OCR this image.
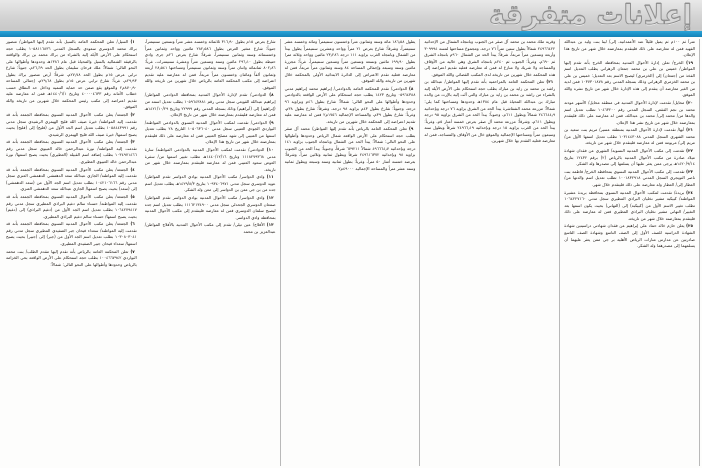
إعلانات متفرقة

١) السيل/ تعلن المحكمة العامة بالسيل بأنه تقدم إليها المواطن/ منصور براك محمد الدوسري سعودي بالسجل المدني ١٠٥٨١١٦٨٣٦ يطلب حجة استحكام على الأرض الأيلة إليه بالشراء من براك محمد بن براك والواقعة بالرقيقة الشمالية بالسيل والمحياة قبل عام ١٣٨٦هـ وحدودها وأطوالها على النحو التالي: شمالاً: ملك فرحان سليمان بطول الحد ٢٦٫٦٩م، جنوباً: شارع ترابي عرض ١٥م بطول الحد ٢٧٫٧٨م، شرقاً: أرض منصور براك بطول ٢٩٫٩٣م، غرباً: شارع ترابي عرض ١٥م بطول ٢٩٫٦٨م، إجمالي المساحة ٨٧٠٫٩٠م٢ والموقع يقع ضمن حد حماية التنمية وداخل حد النطاق حسب خطاب الأمانة رقم ٤٠٠٠٠٤٦٣٣ وتاريخ ١٤٤٠/٦/١هـ فمن له معارضة عليه تقديم اعتراضه إلى مكتب رئيس المحكمة خلال شهرين من تاريخه والله الموفق.

٢) الجمعة/ يعلن مكتب الأحوال المدنية النسوي بمحافظة الجمعة بأنه قد تقدمت إليه المواطنة/ خيرة ضيف الله فليح الهيمزي الرشيدي سجل مدني رقم ١٠٥٨٤٤٣٩٩١ بطلب تعديل اسم الجد الأول من (فليح) إلى (فليح) بحيث يصبح اسمها/ خيرة ضيف الله فليح الهيمزي الرشيدي.

٣) الجمعة/ يعلن مكتب الأحوال المدنية النسوي بمحافظة الجمعة بأنه قد تقدمت إليه المواطنة/ نورة عبدالرحمن خالد العبيوي سجل مدني رقم ١٠٣٤٩٧١٤٦٦ بطلب إضافة اسم القبيلة (العطيري) بحيث يصبح اسمها/ نورة عبدالرحمن خالد العبيوي العطيري.

٤) الجمعة/ يعلن مكتب الأحوال المدنية النسوي بمحافظة الجمعة بأنه قد تقدمت إليه المواطنة/ الجازي عبدالله سعد الدهمشي الدهمشي العنزي سجل مدني رقم ١٠٤٢١٠٦١٦٦ بطلب تعديل اسم الجد الأول من (سعد الدهمشي) إلى (سعد) بحيث يصبح اسمها/ الجازي عبدالله سعد الدهمشي العنزي.

٥) الجمعة/ يعلن مكتب الأحوال المدنية النسوي بمحافظة الجمعة بأنه قد تقدمت إليه المواطنة/ حسناء سالم دغيم البراذي المطيري سجل مدني رقم ١٠٦٤٢٧٩٤١٧ بطلب تعديل اسم الجد الأول من (دغيم البراذي) إلى (دغيم) بحيث يصبح اسمها/ حسناء سالم دغيم البراذي المطيري.

٦) الجمعة/ يعلن مكتب الأحوال المدنية النسوي بمحافظة الجمعة بأنه قد تقدمت إليه المواطنة/ سعداء فيحان جبر الضفيدي المطيري سجل مدني رقم ١٠٣٠٨٠٣٠٤١ بطلب تعديل اسم الجد الأول من (جبر) إلى (جبير) بحيث يصبح اسمها/ سعداء فيحان جبير الضفيدي المطيري.

٧) تعلن المحكمة العامة بالرياض بأنه تقدم إليها مقدم الطلب/ بنت محمد البواردي ١٠٠٤٦٦٧٩٤٢ بطلب حجة استحكام على الأرض الواقعة بحي الخزامة بالرياض وحدودها وأطوالها على النحو التالي: شمالاً:

شارع بعرض ١٥م بطول ٣١٦٫٩٠ ثلاثمائة وخمسة عشر متراً وتسعين سنتيمتراً، جنوباً: شارع متغير العرض بطول ٢٨٢٫٥٨٦ مائتين وواحد وثمانين متراً وخمسمائة وستة وثمانين سنتيمتراً، شرقاً: شارع بعرض ٢٦م جرى وادي حتيطة بطول ٢٩٦٫١٠ مائتين وستة وتسعين متراً وعشرة سنتيمترات، غرباً: ٨٠٢٫٨٦ ثمانمائة واثنان متراً وستة وثمانون سنتيمتراً ومساحتها ٢٨٫٥٤١ أربعة وثمانون ألفاً ومائتان وخمسون متراً مربعاً، فمن له معارضة عليه تقديم اعتراضه إلى مكتب المحكمة العامة بالرياض خلال شهرين من تاريخه والله الموفق.

٨) الدوادمي/ تقدم لإدارة الأحوال المدنية بمحافظة الدوادمي المواطن/ إبراهيم عبدالله القويعي سجل مدني رقم ١٠٥٩٦٤٣٨٨١ يطلب تعديل اسمه من (إبراهيم) إلى (أبراهيم) وذلك بسجله المدني رقم ٢٢٩٩٩ وتاريخ ١٤٢١/١٠/٢٩هـ فمن له معارضة فليتقدم بمعارضته خلال شهر من تاريخ الإعلان.

٩) الدوادمي/ تقدمت لمكتب الأحوال المدنية النسوي بالدوادمي المواطنة/ البواردي الجودي العتيبي سجل مدني ١٠٥٠٦٣٦٠٤٠ التاريخ ٢٨ بطلب تعديل اسمها من العتيبي إلى شهد مصلح العتيبي فمن له معارضة على ذلك فليتقدم بمعارضته خلال شهر من تاريخ هذا الإعلان.

١٠) الدوادمي/ تقدمت لمكتب الأحوال المدنية بالدوادمي المواطنة/ سارة مدني ١١١٨٢٧٩٣٦٨ وتاريخ ١٤٤٠/١٢/١٦هـ تطلب تغيير اسمها من/ سفرة العوض سعود العتيبي فمن له معارضة فليتقدم بمعارضته خلال شهر من تاريخه.

١١) وادي الدواسر/ مكتب الأحوال المدنية بوادي الدواسر تقدم المواطن/ عويد الدوسري سجل مدني ١٠٩٣٤٠٦٩٧١ بتاريخ ١٤٢٩/٨/٣هـ يطلب تعديل اسم جده من بن جي معن بن الدواسر إلى معن وله الشكر.

١٢) وادي الدواسر/ مكتب الأحوال المدنية بوادي الدواسر تقدم المواطن/ صمعان الدوسري الجحدلي سجل مدني ١١١٦٢١٣٤٩٠٠ يطلب تعديل اسم جده ليصبح سلمان الدوسري فمن له معارضة فليتقدم إلى مكتب الأحوال المدنية بمحافظة وادي الدواسر.

١٣) الأفلاج/ عين تيلى/ تقدم إلى مكتب الأحوال المدنية بالأفلاج المواطن/ عبدالعزيز بن محمد

يطول ١٨٦٫٥٨ مائة وستة وثمانون متراً وخمسون سنتيمتراً ومائة وخمسة عشر سنتيمتراً، وشرقاً: شارع بعرض ٢١ متراً وواحد وعشرين سنتيمتراً يطول بيدأ من الشمال وبانتجاه الغرب بزاوية ١١١ درجة ٢٣٫٢٨٦ مائتين وواحد وثلاثة مترا بطول ١٩٩٫٩٠ مائتين وتسعة وتسعين متراً وتسعين سنتيمتراً، غرباً: مجزرة مائتين وستة وسبعة وإجمالي المساحة ٨٤ وستة وثمانون متراً مربعاً، فمن له معارضة فعليه تقدم الاعتراض إلى الدائرة الابتدائية الأولى بالمحكمة خلال شهرين من تاريخه والله الموفق.

٨) الدوادمي/ تقدم للمحكمة العامة بالدوادمي/ إبراهيم محمد إبراهيم مدني ٠٥٩٦٤٣٨٨ وتاريخ ١٤٢٣ يطلب حجة استحكام على الأرض الواقعة بالدوادمي وحدودها وأطوالها على النحو التالي: شمالاً: شارع بطول ٤٦م وبزاوية ٩٦ درجة، وجنوباً: شارع بطول ٤٣م بزاوية ٩٨ درجة، وشرقاً: شارع بطول ٣٨م، وغرباً: شارع بطول ٣٩م، والمساحة الإجمالية ١٧٥٦م٢ فمن له معارضة عليه تقديم اعتراضه إلى المحكمة خلال شهرين من تاريخه.

٩) تعلن المحكمة العامة بالرياض بأنه تقدم إليها المواطن/ محمد آل صقر بطلب حجة استحكام على الأرض الواقعة شمال الرياض وحدودها وأطوالها على النحو التالي: شمالاً: يبدأ الحد من الشمال وبانتجاه الجنوب بزاوية ١٤١ درجة وبإحداثية ٤٩٦٦٦٤٫٧ شمالاً ٦٧٩٢١١ شرقاً، وجنوباً: يبدأ الحد من الجنوب بزاوية ٩٨ وبإحداثية ٢٤٩٦١٦٣٧٢ شرقاً وبطول ثمانية وثلاثين متراً، وشرقاً: بعرضه خمسة أمتار ٥٠ متراً، وغرباً: بطول ثمانية وستة وسبعة ويطول ثمانية وستة عشر متراً والمساحة الإجمالية ٤٩٠٠٠م٢.

وقرية ملك محمد بن محمد آل صقر من الجنوب وبانتجاه الشمال من الإحداثية ٢٤٩٦٦٤٢٢ شمالاً بطول ستين متراً ٧٦ درجة، ومجموع مساحتها لمسة ٣٠٩٩٩٤ وأربعة وتسعين متراً مربعاً، شرقاً: يبدأ الحد من الشمال ٩٦٠م بانتجاه الشرق ثم ٦٩٠م، وغرباً: الجنوب ثم ٢٤٠م بانتجاه الشرق وهي خالية من الأوقاف والمساجد ولا شريك ولا منازع له فمن له معارضة فعليه تقديم اعتراضه إلى هذه المحكمة خلال شهرين من تاريخه لدى المكتب القضائي والله الموفق.

٢١) تعلن المحكمة العامة بالمزاحمية بأنه تقدم إليها المواطن/ عبدالله بن راشد بن محمد بن زايد بن مبارك بطلب حجة استحكام على الأرض الأيلة إليه بالشراء من راشد بن محمد بن زايد بن مبارك والتي آلت إليه بالإرث من والده مبارك بن عبدالله المحياة قبل عام ١٣٨٤هـ وحدودها ومساحتها كما يلي: شمالاً: مزرعة محمد الشفاشرة يبدأ الحد من الشرق بزاوية ٧٦ درجة وبإحداثية ٢٤٦٦٤٤٫٩ شمالاً وبطول ٦١١م، وجنوباً: يبدأ الحد من الشرق بزاوية ٩٥ درجة ويطول ٦١١م، وشرقاً: مزرعة محمد آل صقر بعرض خمسة أمتار ٥م، وغرباً: يبدأ الحد من الغرب بزاوية ١٥ درجة وبإحداثية ٢٤٩٦٦٫١٩ شرقاً ويطول ستة وسبعون متراً ومساحتها الإجمالية والموقع خال من الأوقاف والمساجد، فمن له معارضة فعليه التقدم بها خلال شهرين.

متراً ثم ١٠٠م ثم يميل قليلاً عند الأعمدانية، إلى/ لينا بنت وليد بن عبدالله الفهيد فمن له معارضة على ذلك فليتقدم بمعارضته خلال شهر من تاريخ هذا الإعلان.

١٩) الخرج/ تعلن إدارة الأحوال المدنية بمحافظة الخرج بأنه تقدم إليها المواطن/ خميس بن علي بن محمد جمعان الزهراني يطلب التعديل اسم الفخذ من (جمعان) إلى (الخزمري) ليصبح الاسم بعد التعديل: خميس بن علي بن محمد الخزمري الزهراني وذلك بسجله المدني رقم ١٠٣٧٣٠١٨٧٨ فمن لديه من الغير معارضة أن يتقدم إلى هذه الإدارة خلال شهر من تاريخ نشره والله الموفق.

٢٠) محايل/ تقدمت لإدارة الأحوال المدنية في منطقة محايل/ الأسهر مودته محمد بن نجم الفقص، السجل المدني رقم ١٠٤٦٣٢٠٠ تطلب تعديل اسم والدها من/ محمد إلى/ محمد بن عبدالله، فمن له معارضة على ذلك فليتقدم بمعارضته خلال شهر من تاريخ نشر هذا الإعلان.

٢١) أبها/ تقدمت لإدارة الأحوال المدنية بمنطقة عسير/ مريم بنت سعيد بن محمد الشهري السجل المدني ١٠٣١٤٤٣٠٨٨ تطلب تعديل اسمها الأول من/ مريم إلى/ مريومة فمن له معارضة فليتقدم خلال شهر من تاريخه.

٢٢) تقدمت إلى مكتب الأحوال المدنية النسوية/ الشهري عن فقدان شهادة ميلاد صادرة من مكتب الأحوال المدنية بالرياض (٢) برقم ١٢٤٣٢ بتاريخ ١٤٢٠/٩/١٤هـ يرجى ممن يعثر عليها أن يسلمها إلى مصدرها وله الشكر.

٢٣) تقدمت إلى مكتب الأحوال المدنية النسوي بمحافظة الخرج/ فاطمة بنت ناصر التويجري السجل المدني ١٠٠١٨٣٢٩١٨ تطلب تعديل اسم والدتها من/ العطار إلى/ العطار وله معارضة على ذلك فليتقدم خلال شهر.

٢٤) بريدة/ تقدمت لمكتب الأحوال المدنية النسوي بمحافظة بريدة عشيرة المواطنة/ كبيكبة مشير نخليان البراذي المطيري سجل مدني ١٠٦٤٢٢٧١٦٠ تطلب تغيير الاسم الأول من (كبيكبة) إلى (التهاني) بحيث يكون اسمها بعد التغيير/ التهاني مشير نخليان البراذي المطيري فمن له معارضة على ذلك فليتقدم بمعارضته خلال شهر من تاريخه.

٢٥) يعلن حازم خالد حماد علي إبراهيم عن فقدان شهادتي دراسيتين شهادة الشهادة الدراسية للصف الأول إلى الصف التاسع وشهادة الصف التاسع صادرتين عن مدارس منارات الرياض الأهلية بر جي ممن يعثر عليهما أن يسلمهما إلى مصدرهما وله الشكر.
